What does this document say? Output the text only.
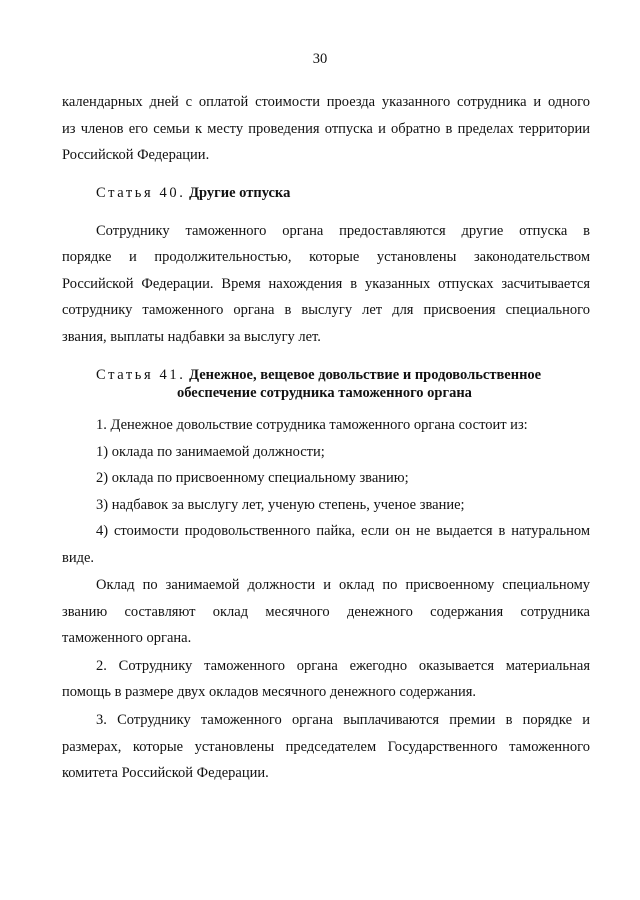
30
календарных дней с оплатой стоимости проезда указанного сотрудника и одного
из членов его семьи к месту проведения отпуска и обратно в пределах территории
Российской Федерации.
Статья 40. Другие отпуска
Сотруднику таможенного органа предоставляются другие отпуска в
порядке и продолжительностью, которые установлены законодательством
Российской Федерации. Время нахождения в указанных отпусках засчитывается
сотруднику таможенного органа в выслугу лет для присвоения специального
звания, выплаты надбавки за выслугу лет.
Статья 41. Денежное, вещевое довольствие и продовольственное
обеспечение сотрудника таможенного органа
1. Денежное довольствие сотрудника таможенного органа состоит из:
1) оклада по занимаемой должности;
2) оклада по присвоенному специальному званию;
3) надбавок за выслугу лет, ученую степень, ученое звание;
4) стоимости продовольственного пайка, если он не выдается в натуральном
виде.
Оклад по занимаемой должности и оклад по присвоенному специальному
званию составляют оклад месячного денежного содержания сотрудника
таможенного органа.
2. Сотруднику таможенного органа ежегодно оказывается материальная
помощь в размере двух окладов месячного денежного содержания.
3. Сотруднику таможенного органа выплачиваются премии в порядке и
размерах, которые установлены председателем Государственного таможенного
комитета Российской Федерации.
